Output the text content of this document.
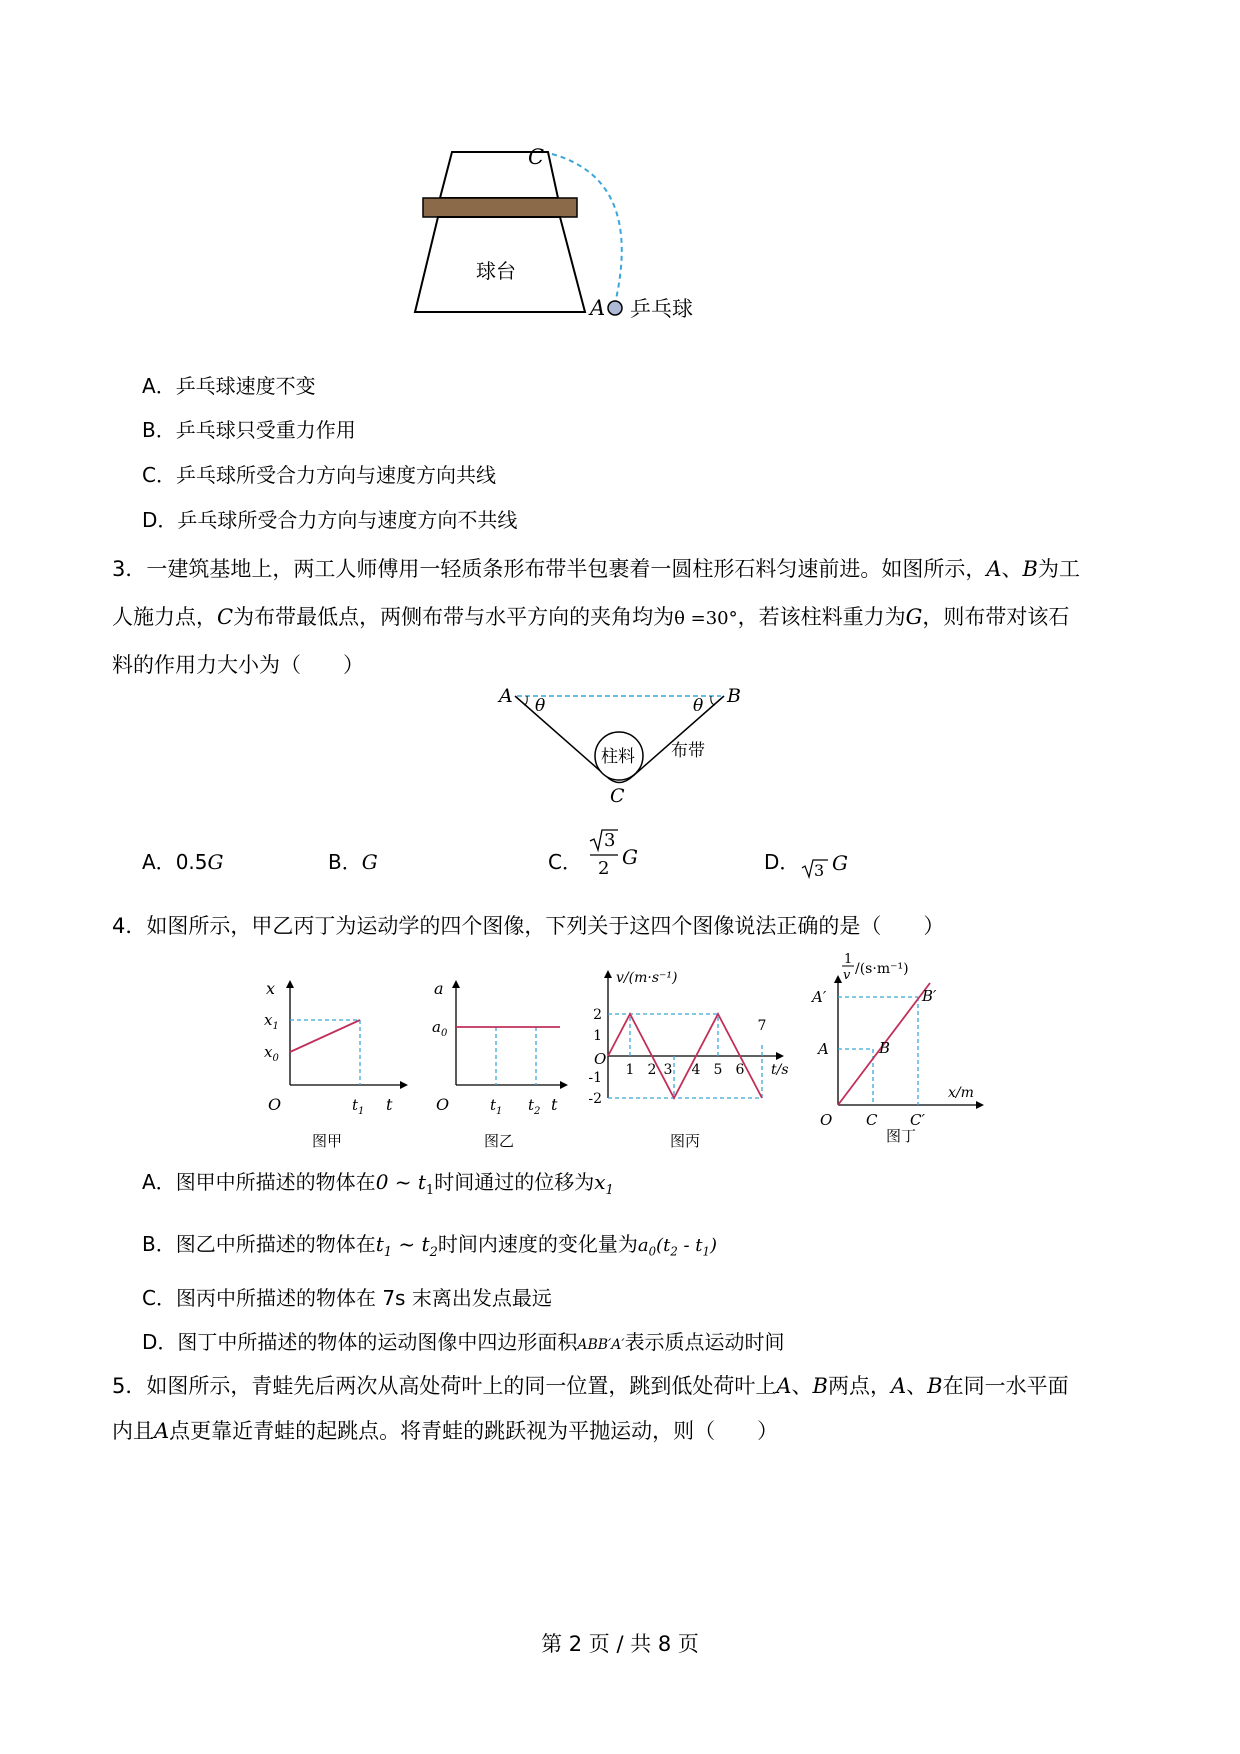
C
A
球台
乒乓球
A．乒乓球速度不变
B．乒乓球只受重力作用
C．乒乓球所受合力方向与速度方向共线
D．乒乓球所受合力方向与速度方向不共线
3．一建筑基地上，两工人师傅用一轻质条形布带半包裹着一圆柱形石料匀速前进。如图所示，A、B为工
人施力点，C为布带最低点，两侧布带与水平方向的夹角均为θ =30°，若该柱料重力为G，则布带对该石
料的作用力大小为（　　）
A	B
C
θ	θ
柱料 布带
A．0.5G	B．G	C．
3
2 G	D． 3 G
4．如图所示，甲乙丙丁为运动学的四个图像，下列关于这四个图像说法正确的是（　　）
x
$x_1$
$x_0$
O	$t_1$ t
图甲
a
$a_0$
O	$t_1$ $t_2$ t
图乙
v/(m·s⁻¹)
O
2
1
-1
-2
1 2 3 4 5 6
7
t/s
图丙
1
v /(s·m⁻¹)
A′
A
B′
B
O C C′
x/m
图丁
A．图甲中所描述的物体在0 ~ $t_1$时间通过的位移为$x_1$
B．图乙中所描述的物体在$t_1$ ~ $t_2$时间内速度的变化量为$a_0(t_2 - t_1)$
C．图丙中所描述的物体在 7s 末离出发点最远
D．图丁中所描述的物体的运动图像中四边形面积ABB′A′表示质点运动时间
5．如图所示，青蛙先后两次从高处荷叶上的同一位置，跳到低处荷叶上A、B两点，A、B在同一水平面
内且A点更靠近青蛙的起跳点。将青蛙的跳跃视为平抛运动，则（　　）
第 2 页 / 共 8 页
